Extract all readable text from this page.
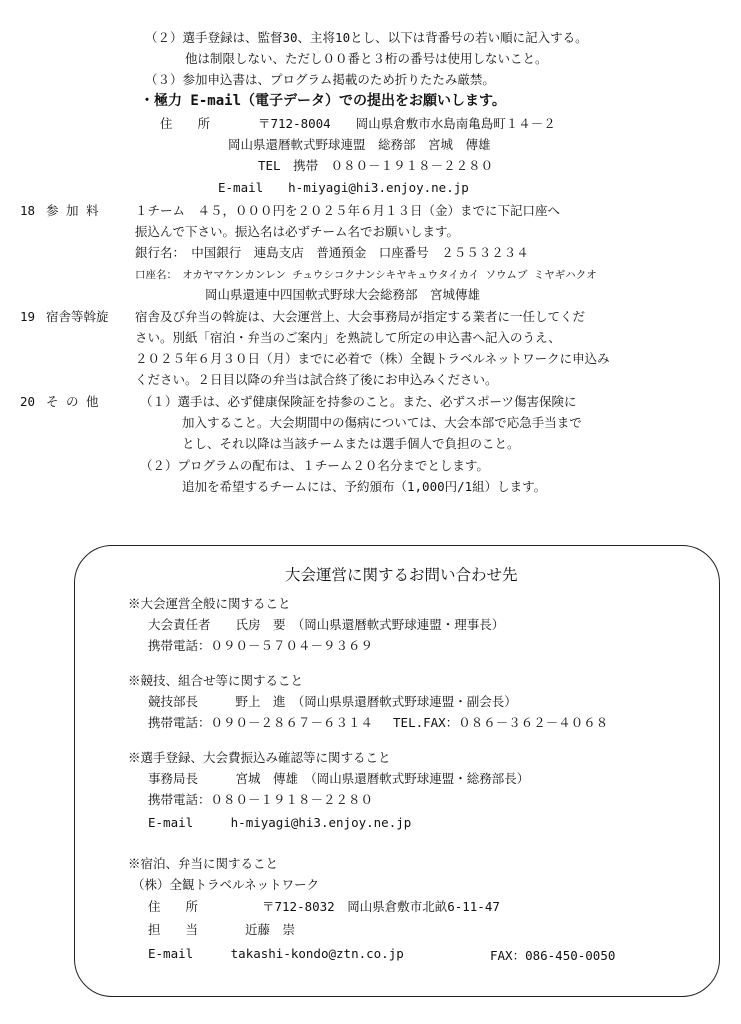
（２）選手登録は、監督30、主将10とし、以下は背番号の若い順に記入する。
他は制限しない、ただし００番と３桁の番号は使用しないこと。
（３）参加申込書は、プログラム掲載のため折りたたみ厳禁。
・極力 E-mail（電子データ）での提出をお願いします。
住　　所	〒712-8004　　岡山県倉敷市水島南亀島町１４－２
岡山県還暦軟式野球連盟　総務部　宮城　傳雄
TEL　携帯　０８０－１９１８－２２８０
E-mail　　h-miyagi@hi3.enjoy.ne.jp
18 参 加 料	１チーム　４５，０００円を２０２５年６月１３日（金）までに下記口座へ
振込んで下さい。振込名は必ずチーム名でお願いします。
銀行名：　中国銀行　連島支店　普通預金　口座番号　２５５３２３４
口座名：　オカヤマケンカンレン チュウシコクナンシキヤキュウタイカイ ソウムブ ミヤギハクオ
岡山県還連中四国軟式野球大会総務部　宮城傳雄
19 宿舎等斡旋 宿舎及び弁当の斡旋は、大会運営上、大会事務局が指定する業者に一任してくだ
さい。別紙「宿泊・弁当のご案内」を熟読して所定の申込書へ記入のうえ、
２０２５年６月３０日（月）までに必着で（株）全観トラベルネットワークに申込み
ください。２日目以降の弁当は試合終了後にお申込みください。
20 そ の 他	（１）選手は、必ず健康保険証を持参のこと。また、必ずスポーツ傷害保険に
加入すること。大会期間中の傷病については、大会本部で応急手当まで
とし、それ以降は当該チームまたは選手個人で負担のこと。
（２）プログラムの配布は、１チーム２０名分までとします。
追加を希望するチームには、予約頒布（1,000円/1組）します。
大会運営に関するお問い合わせ先
※大会運営全般に関すること
大会責任者　　氏房　要　（岡山県還暦軟式野球連盟・理事長）
携帯電話：０９０－５７０４－９３６９
※競技、組合せ等に関すること
競技部長　　　野上　進　（岡山県県還暦軟式野球連盟・副会長）
携帯電話：０９０－２８６７－６３１４　 TEL.FAX：０８６－３６２－４０６８
※選手登録、大会費振込み確認等に関すること
事務局長　　　宮城　傳雄　（岡山県還暦軟式野球連盟・総務部長）
携帯電話：０８０－１９１８－２２８０
E-mail　　　h-miyagi@hi3.enjoy.ne.jp
※宿泊、弁当に関すること
（株）全観トラベルネットワーク
住　　所	〒712-8032　岡山県倉敷市北畝6-11-47
担　　当	近藤　崇
E-mail　　　takashi-kondo@ztn.co.jp	FAX：086-450-0050
